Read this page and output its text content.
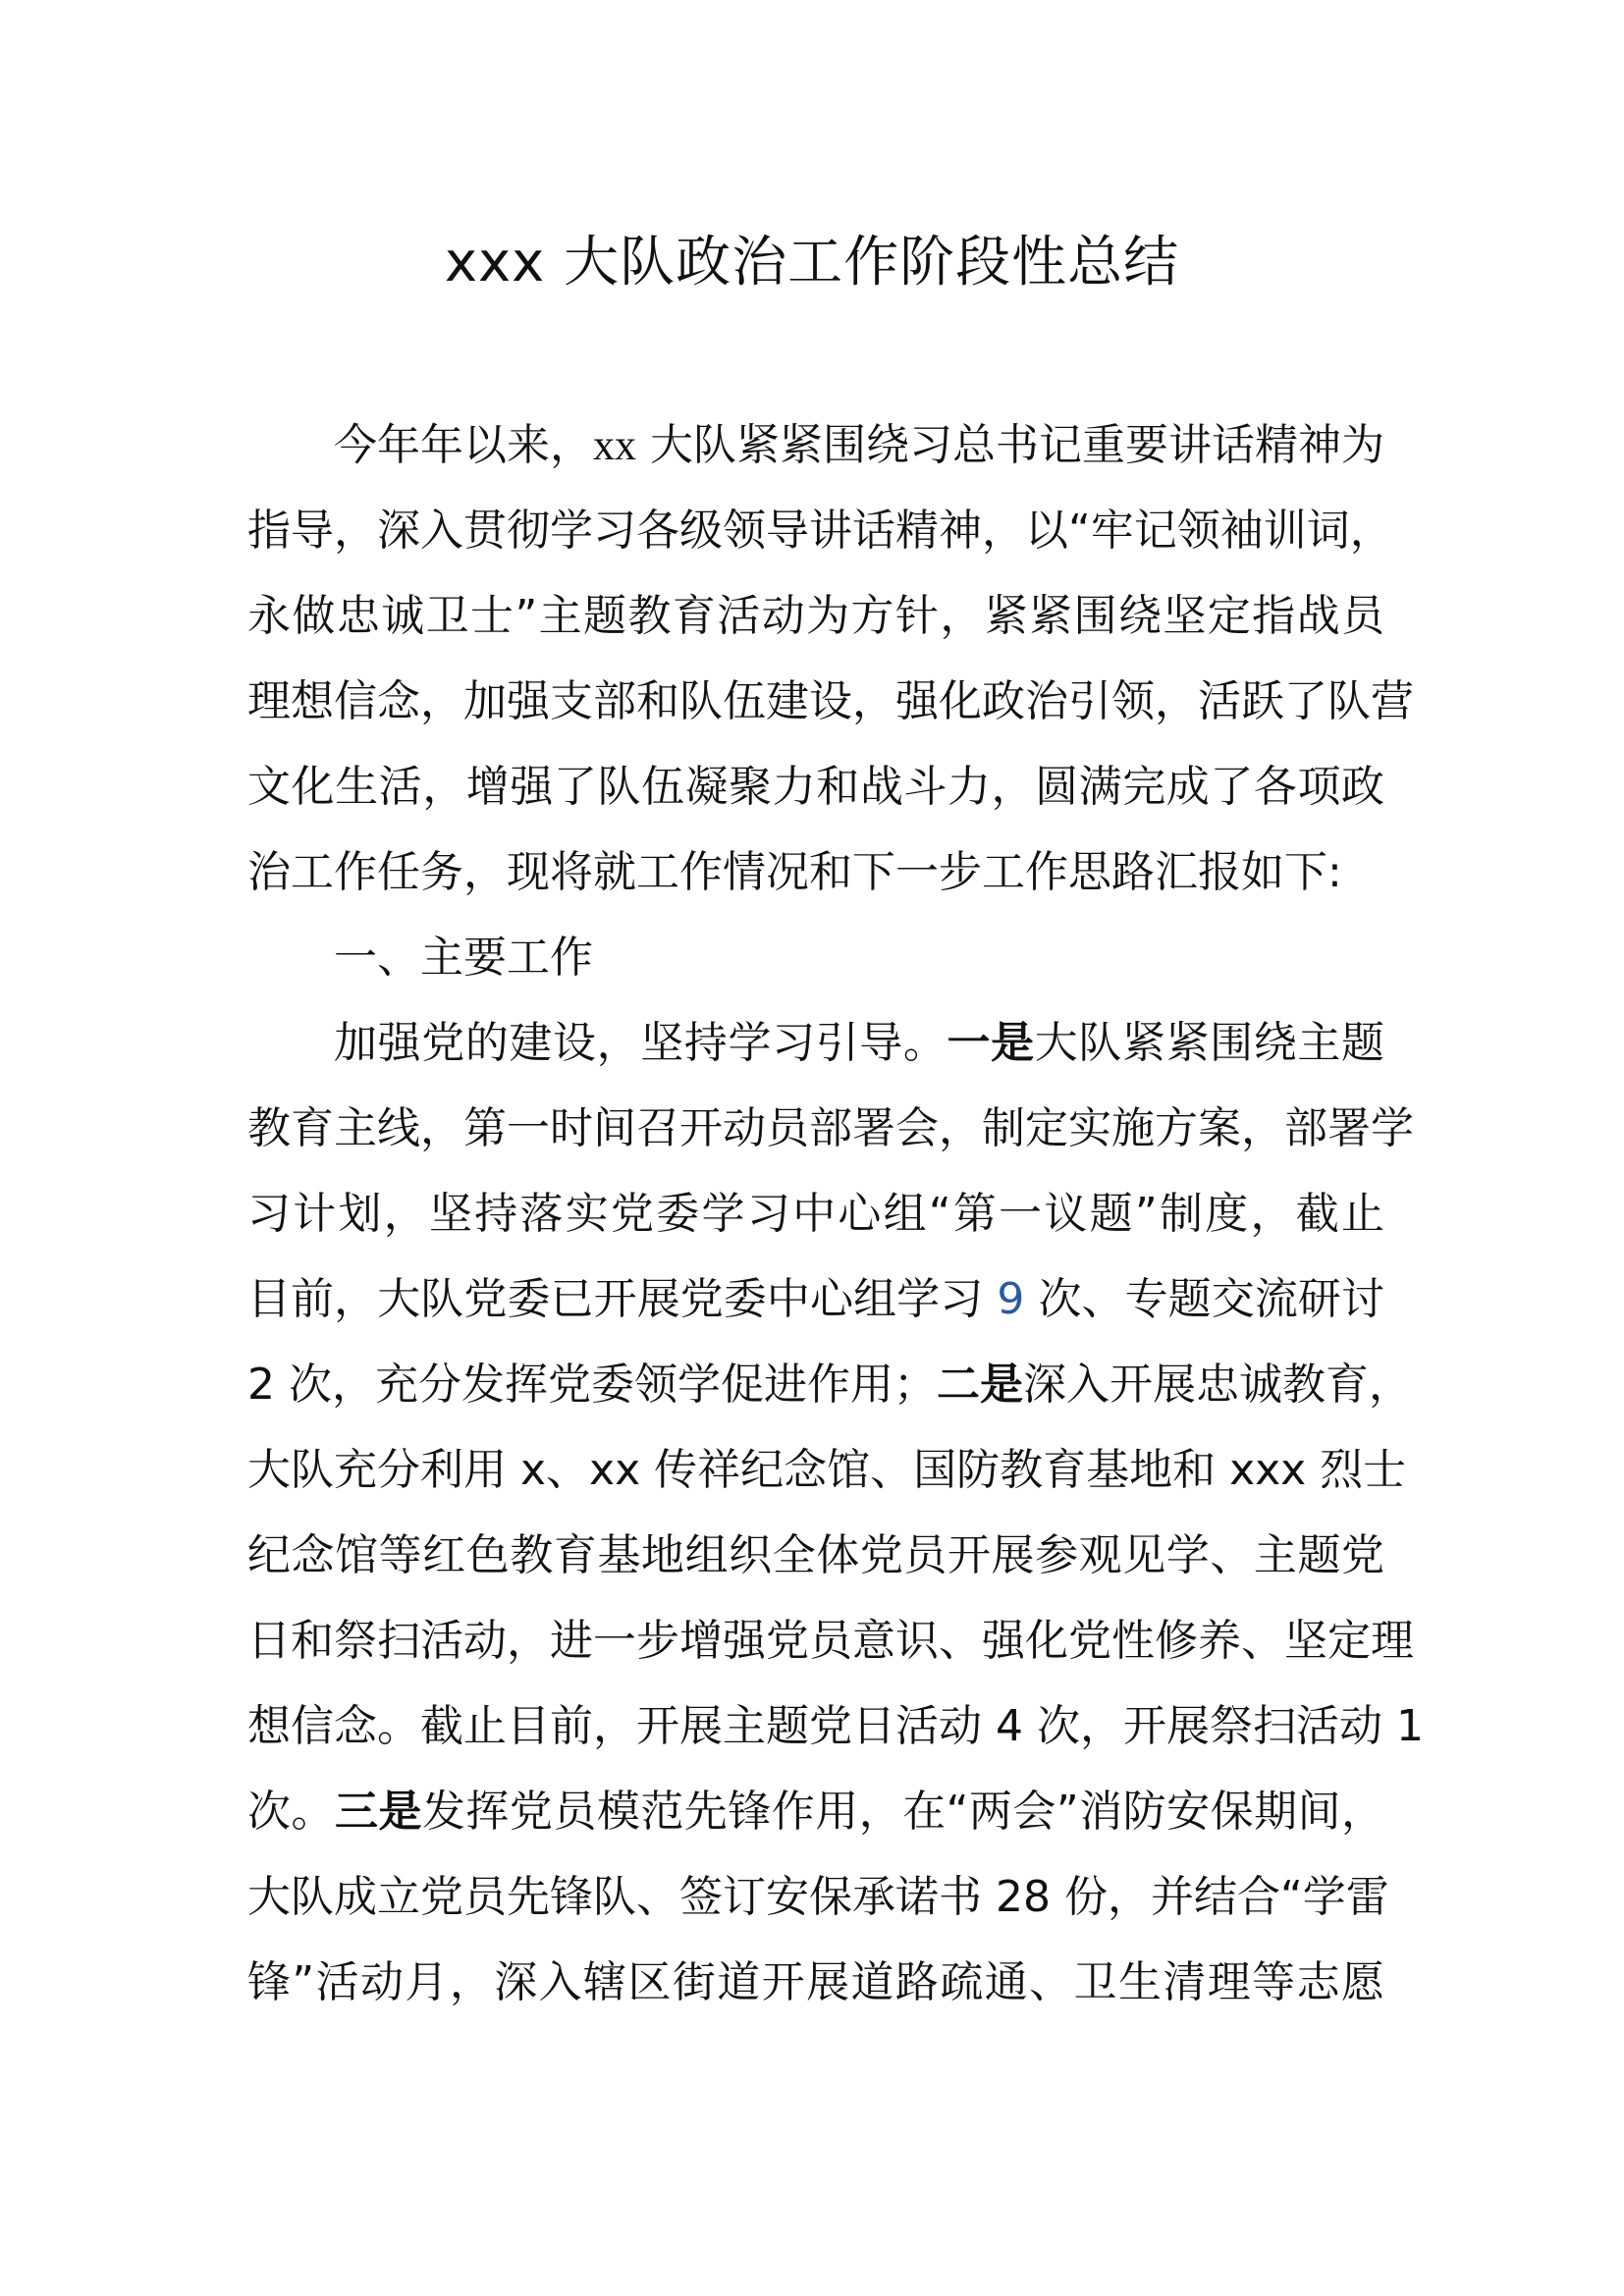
xxx 大队政治工作阶段性总结
今年年以来，xx 大队紧紧围绕习总书记重要讲话精神为
指导，深入贯彻学习各级领导讲话精神，以“牢记领袖训词，
永做忠诚卫士”主题教育活动为方针，紧紧围绕坚定指战员
理想信念，加强支部和队伍建设，强化政治引领，活跃了队营
文化生活，增强了队伍凝聚力和战斗力，圆满完成了各项政
治工作任务，现将就工作情况和下一步工作思路汇报如下:
一、主要工作
加强党的建设，坚持学习引导。一是大队紧紧围绕主题
教育主线，第一时间召开动员部署会，制定实施方案，部署学
习计划，坚持落实党委学习中心组“第一议题”制度，截止
目前，大队党委已开展党委中心组学习 9 次、专题交流研讨
2 次，充分发挥党委领学促进作用；二是深入开展忠诚教育，
大队充分利用 x、xx 传祥纪念馆、国防教育基地和 xxx 烈士
纪念馆等红色教育基地组织全体党员开展参观见学、主题党
日和祭扫活动，进一步增强党员意识、强化党性修养、坚定理
想信念。截止目前，开展主题党日活动 4 次，开展祭扫活动 1
次。三是发挥党员模范先锋作用，在“两会”消防安保期间，
大队成立党员先锋队、签订安保承诺书 28 份，并结合“学雷
锋”活动月，深入辖区街道开展道路疏通、卫生清理等志愿
